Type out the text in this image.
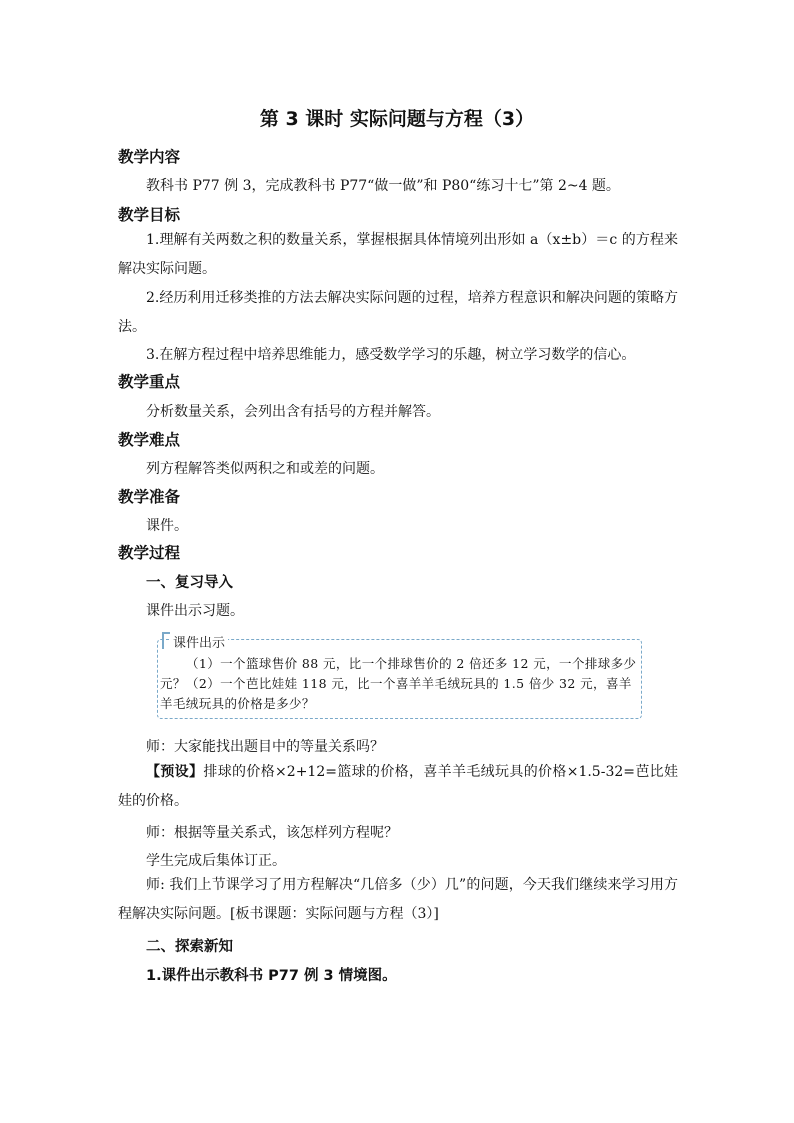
第 3 课时 实际问题与方程（3）
教学内容
教科书 P77 例 3，完成教科书 P77“做一做”和 P80“练习十七”第 2~4 题。
教学目标
1.理解有关两数之积的数量关系，掌握根据具体情境列出形如 a（x±b）＝c 的方程来解决实际问题。
2.经历利用迁移类推的方法去解决实际问题的过程，培养方程意识和解决问题的策略方法。
3.在解方程过程中培养思维能力，感受数学学习的乐趣，树立学习数学的信心。
教学重点
分析数量关系，会列出含有括号的方程并解答。
教学难点
列方程解答类似两积之和或差的问题。
教学准备
课件。
教学过程
一、复习导入
课件出示习题。
课件出示
（1）一个篮球售价 88 元，比一个排球售价的 2 倍还多 12 元，一个排球多少元？ （2）一个芭比娃娃 118 元，比一个喜羊羊毛绒玩具的 1.5 倍少 32 元，喜羊羊毛绒玩具的价格是多少？
师：大家能找出题目中的等量关系吗？
【预设】排球的价格×2+12=篮球的价格，喜羊羊毛绒玩具的价格×1.5-32=芭比娃娃的价格。
师：根据等量关系式，该怎样列方程呢？
学生完成后集体订正。
师: 我们上节课学习了用方程解决“几倍多（少）几”的问题，今天我们继续来学习用方程解决实际问题。[板书课题：实际问题与方程（3）]
二、探索新知
1.课件出示教科书 P77 例 3 情境图。
